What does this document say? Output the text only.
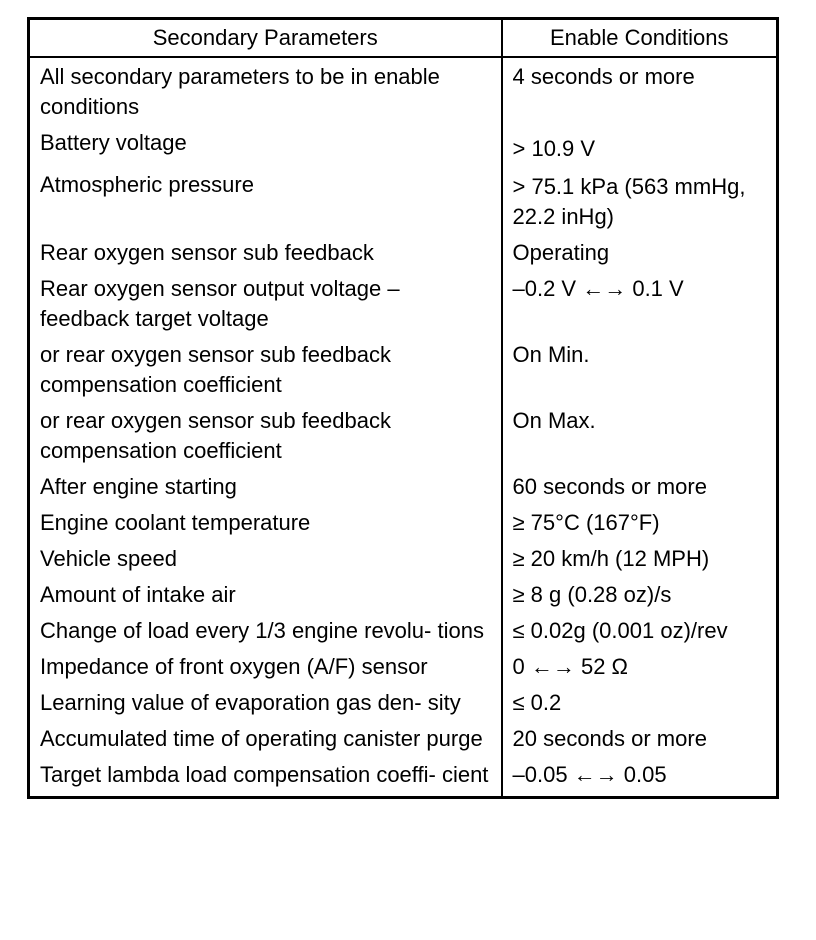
Secondary Parameters	Enable Conditions
All secondary parameters to be in enable conditions	4 seconds or more
Battery voltage	> 10.9 V
Atmospheric pressure	> 75.1 kPa (563 mmHg, 22.2 inHg)
Rear oxygen sensor sub feedback	Operating
Rear oxygen sensor output voltage – feedback target voltage	–0.2 V ←→ 0.1 V
or rear oxygen sensor sub feedback compensation coefficient	On Min.
or rear oxygen sensor sub feedback compensation coefficient	On Max.
After engine starting	60 seconds or more
Engine coolant temperature	≥ 75°C (167°F)
Vehicle speed	≥ 20 km/h (12 MPH)
Amount of intake air	≥ 8 g (0.28 oz)/s
Change of load every 1/3 engine revolu- tions	≤ 0.02g (0.001 oz)/rev
Impedance of front oxygen (A/F) sensor	0 ←→ 52 Ω
Learning value of evaporation gas den- sity	≤ 0.2
Accumulated time of operating canister purge	20 seconds or more
Target lambda load compensation coeffi- cient	–0.05 ←→ 0.05
